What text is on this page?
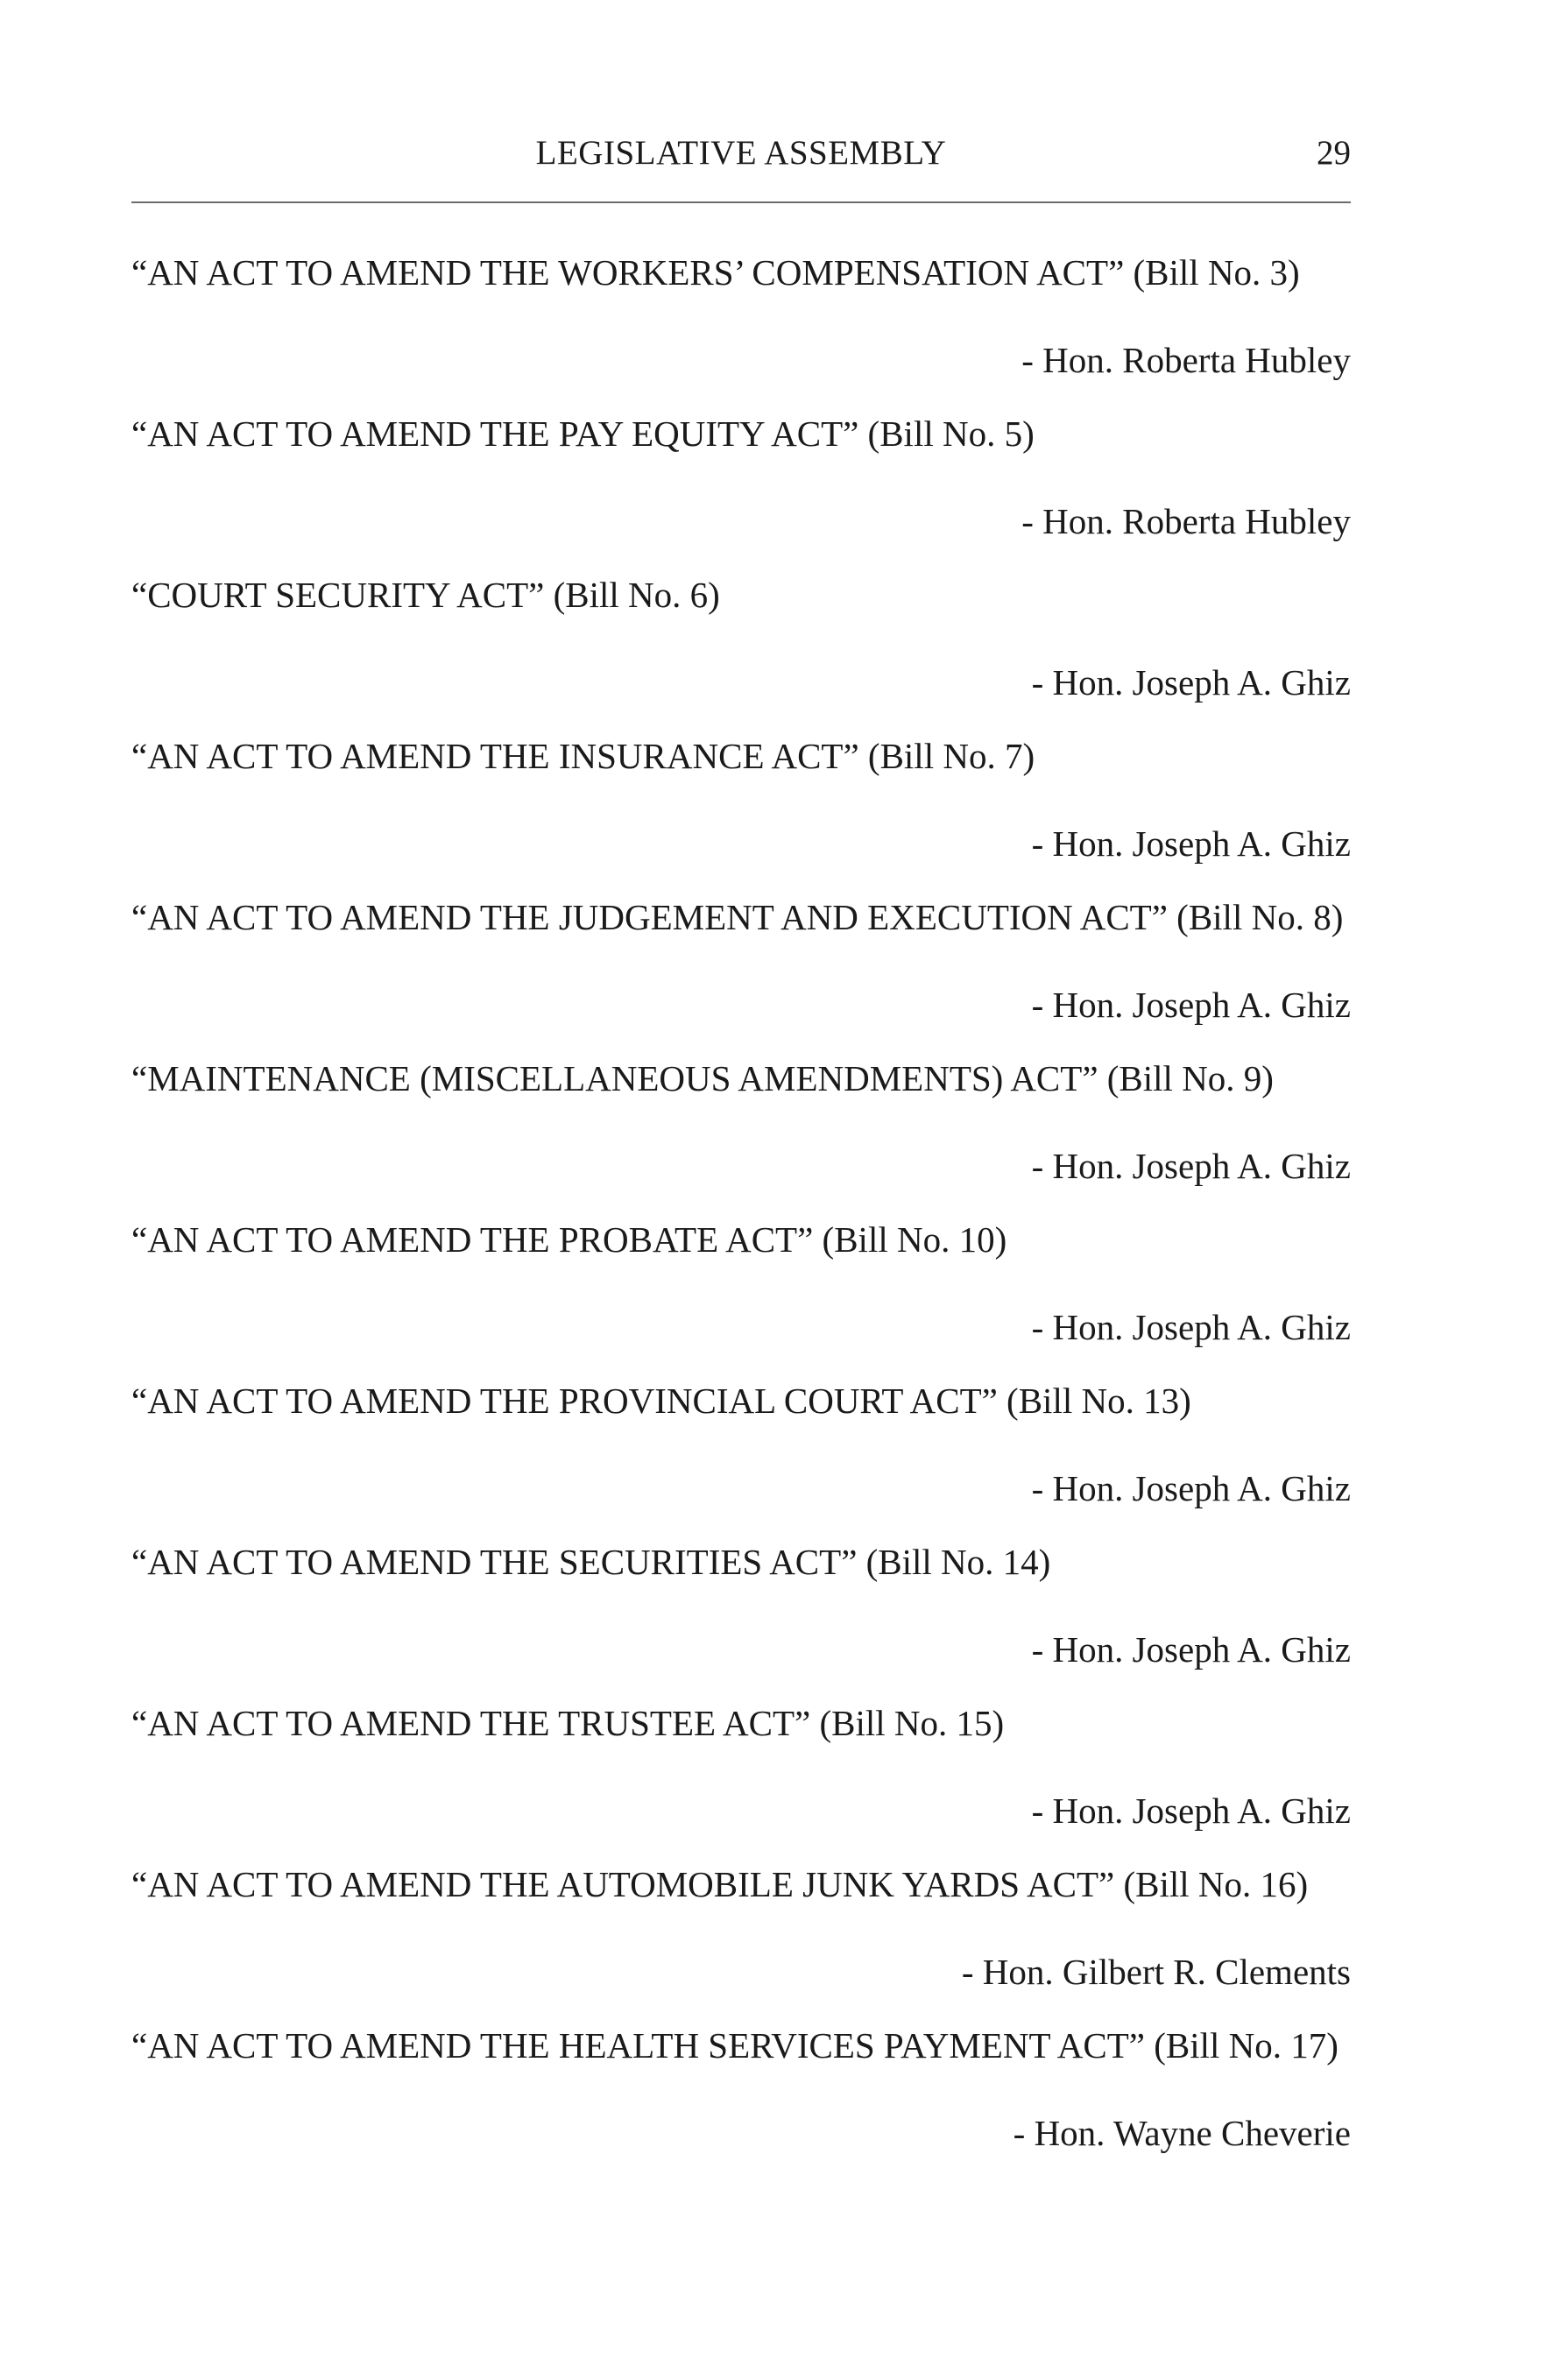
LEGISLATIVE ASSEMBLY	29
“AN ACT TO AMEND THE WORKERS’ COMPENSATION ACT” (Bill No. 3)
- Hon. Roberta Hubley
“AN ACT TO AMEND THE PAY EQUITY ACT” (Bill No. 5)
- Hon. Roberta Hubley
“COURT SECURITY ACT” (Bill No. 6)
- Hon. Joseph A. Ghiz
“AN ACT TO AMEND THE INSURANCE ACT” (Bill No. 7)
- Hon. Joseph A. Ghiz
“AN ACT TO AMEND THE JUDGEMENT AND EXECUTION ACT” (Bill No. 8)
- Hon. Joseph A. Ghiz
“MAINTENANCE (MISCELLANEOUS AMENDMENTS) ACT” (Bill No. 9)
- Hon. Joseph A. Ghiz
“AN ACT TO AMEND THE PROBATE ACT” (Bill No. 10)
- Hon. Joseph A. Ghiz
“AN ACT TO AMEND THE PROVINCIAL COURT ACT” (Bill No. 13)
- Hon. Joseph A. Ghiz
“AN ACT TO AMEND THE SECURITIES ACT” (Bill No. 14)
- Hon. Joseph A. Ghiz
“AN ACT TO AMEND THE TRUSTEE ACT” (Bill No. 15)
- Hon. Joseph A. Ghiz
“AN ACT TO AMEND THE AUTOMOBILE JUNK YARDS ACT” (Bill No. 16)
- Hon. Gilbert R. Clements
“AN ACT TO AMEND THE HEALTH SERVICES PAYMENT ACT” (Bill No. 17)
- Hon. Wayne Cheverie
